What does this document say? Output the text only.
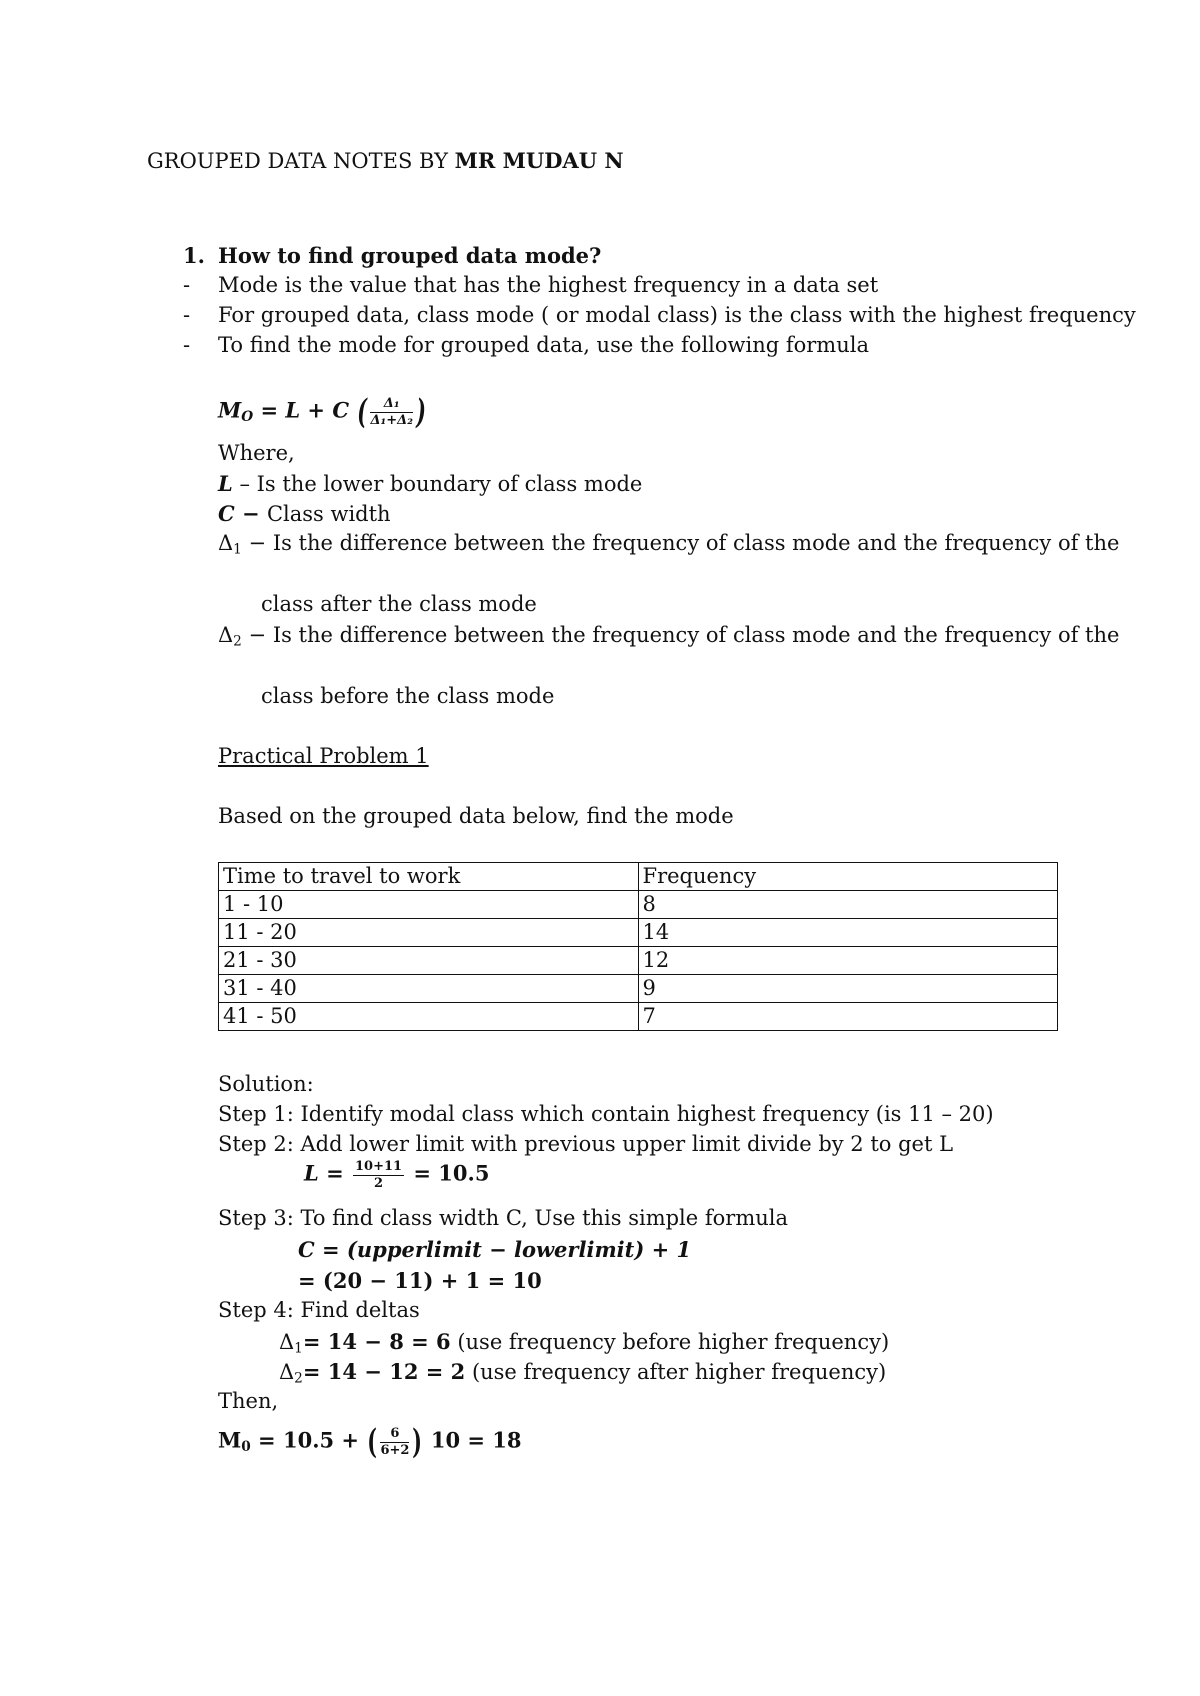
GROUPED DATA NOTES BY MR MUDAU N
1. How to find grouped data mode?
- Mode is the value that has the highest frequency in a data set
- For grouped data, class mode ( or modal class) is the class with the highest frequency
- To find the mode for grouped data, use the following formula
$M_O = L + C$ ( $\frac{\text{Δ₁}}{\text{Δ₁+Δ₂}}$ )
Where,
L – Is the lower boundary of class mode
C − Class width
$\Delta_1 - Is$ the difference between the frequency of class mode and the frequency of the
class after the class mode
$\Delta_2 - Is$ the difference between the frequency of class mode and the frequency of the
class before the class mode
Practical Problem 1
Based on the grouped data below, find the mode
Time to travel to work	Frequency
1 - 10	8
11 - 20	14
21 - 30	12
31 - 40	9
41 - 50	7
Solution:
Step 1: Identify modal class which contain highest frequency (is 11 – 20)
Step 2: Add lower limit with previous upper limit divide by 2 to get L
$L = \frac{10+11}{2} = 10.5$
Step 3: To find class width C, Use this simple formula
C = (upperlimit − lowerlimit) + 1
= (20 − 11) + 1 = 10
Step 4: Find deltas
$\Delta_1= 14 - 8 = 6$ (use frequency before higher frequency)
$\Delta_2= 14 - 12 = 2$ (use frequency after higher frequency)
Then,
$M_0 = 10.5$ + ( $\frac{6}{6+2}$ ) 10 = 18
